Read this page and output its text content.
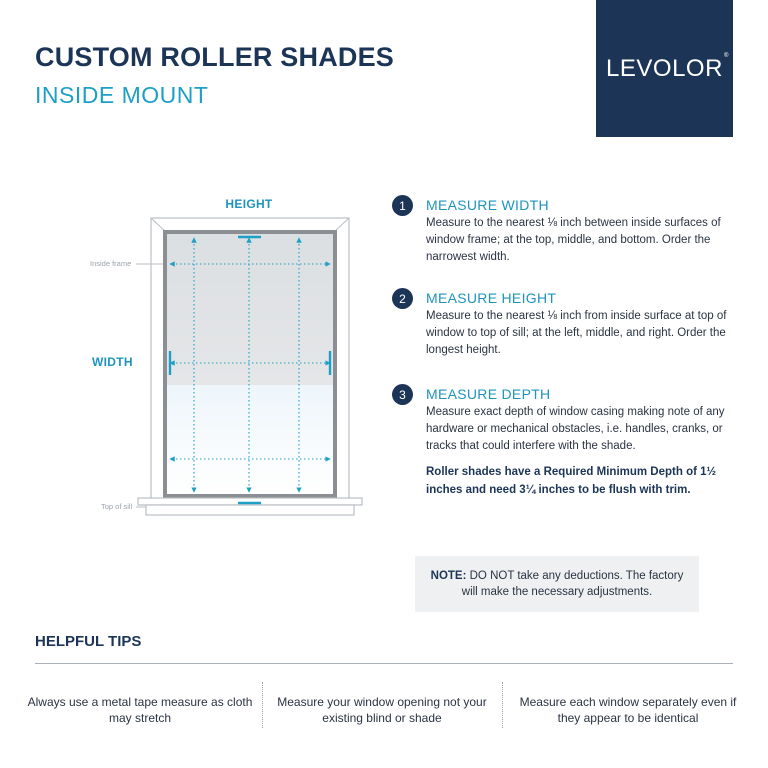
CUSTOM ROLLER SHADES
INSIDE MOUNT
LEVOLOR ®
HEIGHT
WIDTH
Inside frame
Top of sill
1	MEASURE WIDTH
Measure to the nearest ⅛ inch between inside surfaces of window frame; at the top, middle, and bottom. Order the narrowest width.
2	MEASURE HEIGHT
Measure to the nearest ⅛ inch from inside surface at top of window to top of sill; at the left, middle, and right. Order the longest height.
3	MEASURE DEPTH
Measure exact depth of window casing making note of any hardware or mechanical obstacles, i.e. handles, cranks, or tracks that could interfere with the shade.
Roller shades have a Required Minimum Depth of 1½ inches and need 3¼ inches to be flush with trim.
NOTE: DO NOT take any deductions. The factory will make the necessary adjustments.
HELPFUL TIPS
Always use a metal tape measure as cloth may stretch
Measure your window opening not your existing blind or shade
Measure each window separately even if they appear to be identical
